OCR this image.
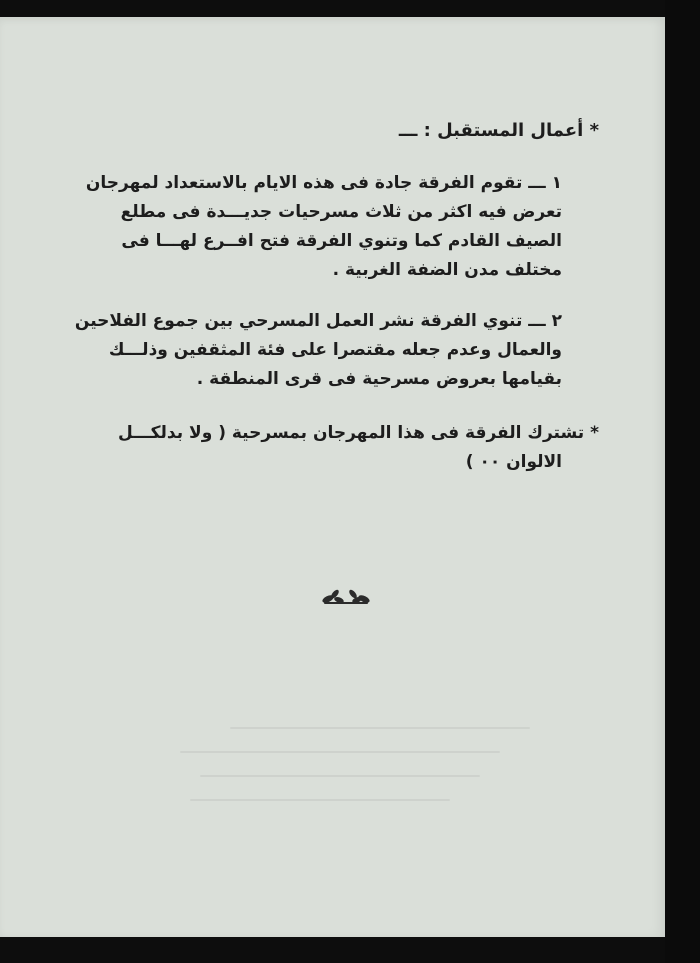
* أعمال المستقبل : ـــ
١ ـــ تقوم الفرقة جادة فى هذه الايام بالاستعداد لمهرجان
تعرض فيه اكثر من ثلاث مسرحيات جديـــدة فى مطلع
الصيف القادم كما وتنوي الفرقة فتح افــرع لهـــا فى
مختلف مدن الضفة الغربية .
٢ ـــ تنوي الفرقة نشر العمل المسرحي بين جموع الفلاحين
والعمال وعدم جعله مقتصرا على فئة المثقفين وذلـــك
بقيامها بعروض مسرحية فى قرى المنطقة .
* تشترك الفرقة فى هذا المهرجان بمسرحية ( ولا بدلكـــل
الالوان ٠٠ )
